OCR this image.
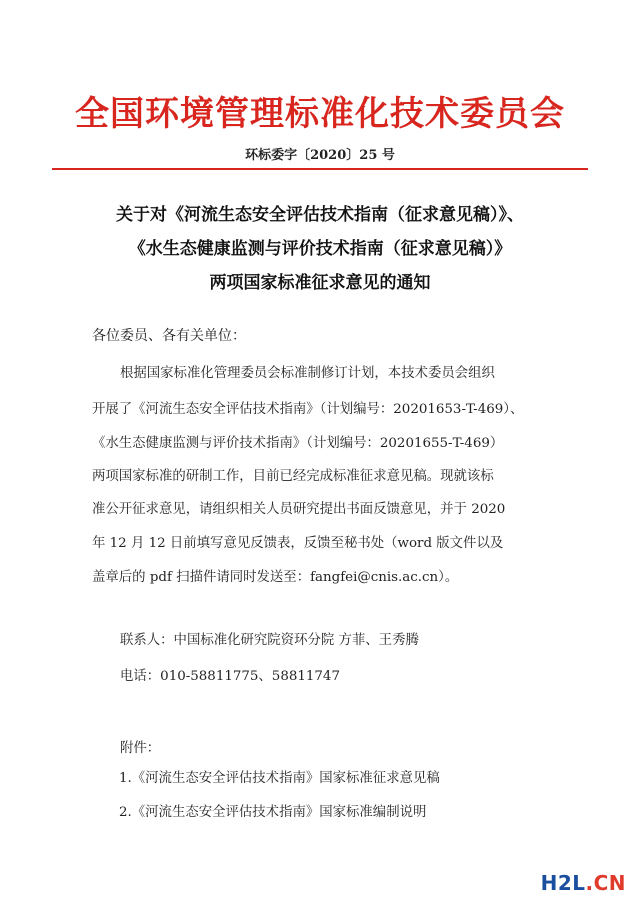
全国环境管理标准化技术委员会
环标委字〔2020〕25 号
关于对《河流生态安全评估技术指南（征求意见稿）》、
《水生态健康监测与评价技术指南（征求意见稿）》
两项国家标准征求意见的通知
各位委员、各有关单位：
根据国家标准化管理委员会标准制修订计划，本技术委员会组织
开展了《河流生态安全评估技术指南》（计划编号：20201653-T-469）、
《水生态健康监测与评价技术指南》（计划编号：20201655-T-469）
两项国家标准的研制工作，目前已经完成标准征求意见稿。现就该标
准公开征求意见，请组织相关人员研究提出书面反馈意见，并于 2020
年 12 月 12 日前填写意见反馈表，反馈至秘书处（word 版文件以及
盖章后的 pdf 扫描件请同时发送至：fangfei@cnis.ac.cn）。
联系人：中国标准化研究院资环分院 方菲、王秀腾
电话：010-58811775、58811747
附件：
1.《河流生态安全评估技术指南》国家标准征求意见稿
2.《河流生态安全评估技术指南》国家标准编制说明
H2L.CN
